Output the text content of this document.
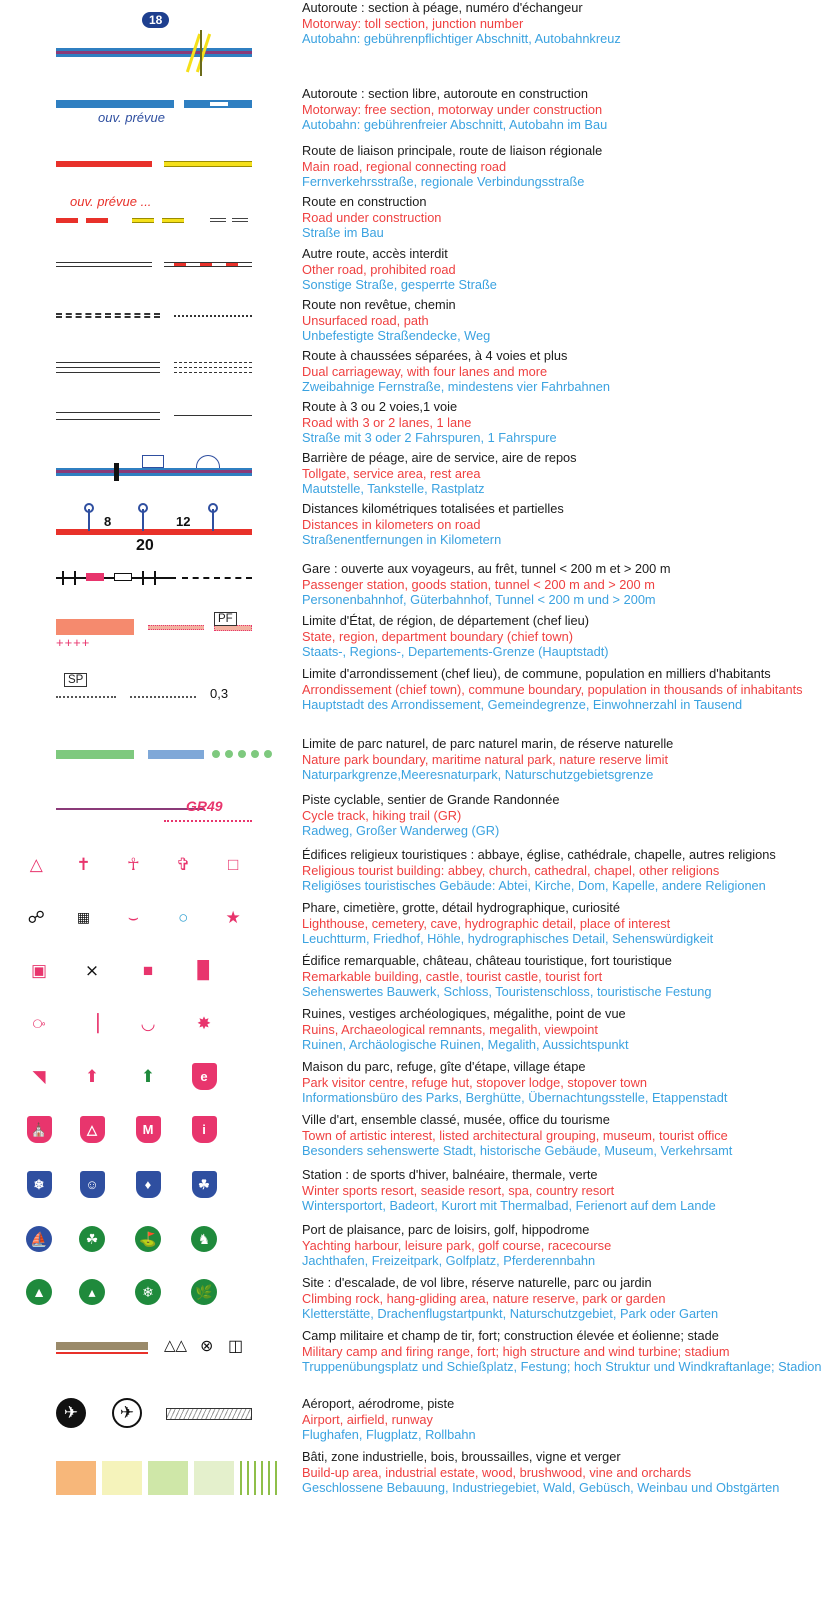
18
Autoroute : section à péage, numéro d'échangeur
Motorway: toll section, junction number
Autobahn: gebührenpflichtiger Abschnitt, Autobahnkreuz
ouv. prévue
Autoroute : section libre, autoroute en construction
Motorway: free section, motorway under construction
Autobahn: gebührenfreier Abschnitt, Autobahn im Bau
Route de liaison principale, route de liaison régionale
Main road, regional connecting road
Fernverkehrsstraße, regionale Verbindungsstraße
ouv. prévue ...	Route en construction
Road under construction
Straße im Bau
Autre route, accès interdit
Other road, prohibited road
Sonstige Straße, gesperrte Straße
Route non revêtue, chemin
Unsurfaced road, path
Unbefestigte Straßendecke, Weg
Route à chaussées séparées, à 4 voies et plus
Dual carriageway, with four lanes and more
Zweibahnige Fernstraße, mindestens vier Fahrbahnen
Route à 3 ou 2 voies,1 voie
Road with 3 or 2 lanes, 1 lane
Straße mit 3 oder 2 Fahrspuren, 1 Fahrspure
Barrière de péage, aire de service, aire de repos
Tollgate, service area, rest area
Mautstelle, Tankstelle, Rastplatz
8	12
20
Distances kilométriques totalisées et partielles
Distances in kilometers on road
Straßenentfernungen in Kilometern
Gare : ouverte aux voyageurs, au frêt, tunnel < 200 m et > 200 m
Passenger station, goods station, tunnel < 200 m and > 200 m
Personenbahnhof, Güterbahnhof, Tunnel < 200 m und > 200m
++++
PF	Limite d'État, de région, de département (chef lieu)
State, region, department boundary (chief town)
Staats-, Regions-, Departements-Grenze (Hauptstadt)
SP
0,3
Limite d'arrondissement (chef lieu), de commune, population en milliers d'habitants
Arrondissement (chief town), commune boundary, population in thousands of inhabitants
Hauptstadt des Arrondissement, Gemeindegrenze, Einwohnerzahl in Tausend
Limite de parc naturel, de parc naturel marin, de réserve naturelle
Nature park boundary, maritime natural park, nature reserve limit
Naturparkgrenze,Meeresnaturpark, Naturschutzgebietsgrenze
GR49	Piste cyclable, sentier de Grande Randonnée
Cycle track, hiking trail (GR)
Radweg, Großer Wanderweg (GR)
△	✝	☥	✞	□	Édifices religieux touristiques : abbaye, église, cathédrale, chapelle, autres religions
Religious tourist building: abbey, church, cathedral, chapel, other religions
Religiöses touristisches Gebäude: Abtei, Kirche, Dom, Kapelle, andere Religionen
☍	▦	⌣	○	★	Phare, cimetière, grotte, détail hydrographique, curiosité
Lighthouse, cemetery, cave, hydrographic detail, place of interest
Leuchtturm, Friedhof, Höhle, hydrographisches Detail, Sehenswürdigkeit
▣	⨯	■	▉	Édifice remarquable, château, château touristique, fort touristique
Remarkable building, castle, tourist castle, tourist fort
Sehenswertes Bauwerk, Schloss, Touristenschloss, touristische Festung
⧂	▕	◡	✸	Ruines, vestiges archéologiques, mégalithe, point de vue
Ruins, Archaeological remnants, megalith, viewpoint
Ruinen, Archäologische Ruinen, Megalith, Aussichtspunkt
◥	⬆	⬆	e
Maison du parc, refuge, gîte d'étape, village étape
Park visitor centre, refuge hut, stopover lodge, stopover town
Informationsbüro des Parks, Berghütte, Übernachtungsstelle, Etappenstadt
⛪	△	M	i
Ville d'art, ensemble classé, musée, office du tourisme
Town of artistic interest, listed architectural grouping, museum, tourist office
Besonders sehenswerte Stadt, historische Gebäude, Museum, Verkehrsamt
❄	☺	♦	☘
Station : de sports d'hiver, balnéaire, thermale, verte
Winter sports resort, seaside resort, spa, country resort
Wintersportort, Badeort, Kurort mit Thermalbad, Ferienort auf dem Lande
⛵	☘	⛳	♞
Port de plaisance, parc de loisirs, golf, hippodrome
Yachting harbour, leisure park, golf course, racecourse
Jachthafen, Freizeitpark, Golfplatz, Pferderennbahn
▲	▴	❄	🌿
Site : d'escalade, de vol libre, réserve naturelle, parc ou jardin
Climbing rock, hang-gliding area, nature reserve, park or garden
Kletterstätte, Drachenflugstartpunkt, Naturschutzgebiet, Park oder Garten
△△ ⊗ ◫
Camp militaire et champ de tir, fort; construction élevée et éolienne; stade
Military camp and firing range, fort; high structure and wind turbine; stadium
Truppenübungsplatz und Schießplatz, Festung; hoch Struktur und Windkraftanlage; Stadion
✈	✈	Aéroport, aérodrome, piste
Airport, airfield, runway
Flughafen, Flugplatz, Rollbahn
Bâti, zone industrielle, bois, broussailles, vigne et verger
Build-up area, industrial estate, wood, brushwood, vine and orchards
Geschlossene Bebauung, Industriegebiet, Wald, Gebüsch, Weinbau und Obstgärten
